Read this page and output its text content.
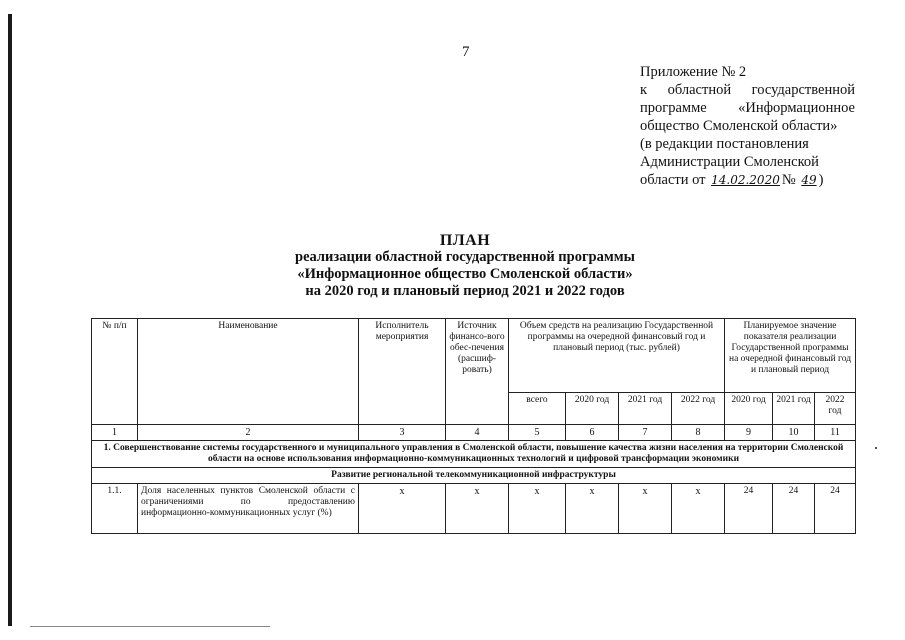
7
Приложение № 2
к областной государственной
программе «Информационное
общество Смоленской области»
(в редакции постановления
Администрации Смоленской
области от 14.02.2020 № 49 )
ПЛАН
реализации областной государственной программы
«Информационное общество Смоленской области»
на 2020 год и плановый период 2021 и 2022 годов
№ п/п	Наименование	Исполнитель мероприятия	Источник финансо-вого обес-печения (расшиф-ровать)	Объем средств на реализацию Государственной программы на очередной финансовый год и плановый период (тыс. рублей)				Планируемое значение показателя реализации Государственной программы на очередной финансовый год и плановый период		
				всего	2020 год	2021 год	2022 год	2020 год	2021 год	2022 год
1	2	3	4	5	6	7	8	9	10	11
1. Совершенствование системы государственного и муниципального управления в Смоленской области, повышение качества жизни населения на территории Смоленской области на основе использования информационно-коммуникационных технологий и цифровой трансформации экономики										
Развитие региональной телекоммуникационной инфраструктуры										
1.1.	Доля населенных пунктов Смоленской области с ограничениями по предоставлению информационно-коммуникационных услуг (%)	х	х	х	х	х	х	24	24	24
